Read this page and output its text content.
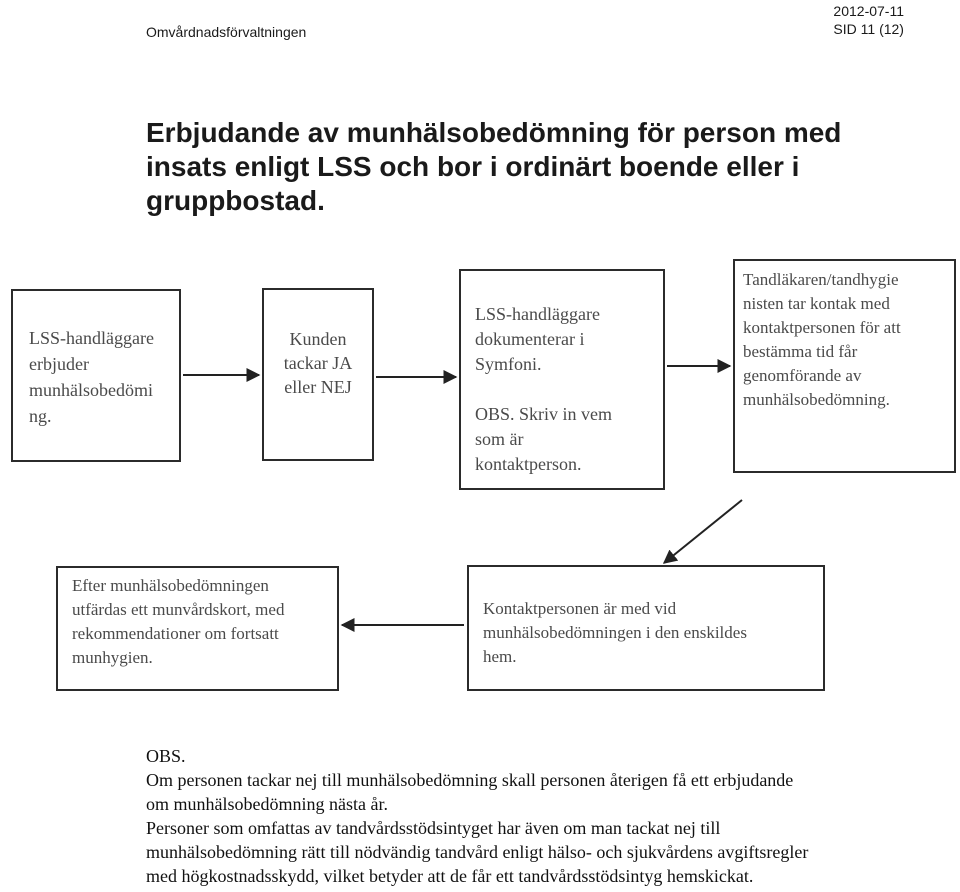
Omvårdnadsförvaltningen
2012-07-11
SID 11 (12)
Erbjudande av munhälsobedömning för person med insats enligt LSS och bor i ordinärt boende eller i gruppbostad.
LSS-handläggare
erbjuder
munhälsobedömi
ng.
Kunden
tackar JA
eller NEJ
LSS-handläggare
dokumenterar i
Symfoni.

OBS. Skriv in vem
som är
kontaktperson.
Tandläkaren/tandhygie
nisten tar kontak med
kontaktpersonen för att
bestämma tid får
genomförande av
munhälsobedömning.
Kontaktpersonen är med vid
munhälsobedömningen i den enskildes
hem.
Efter munhälsobedömningen
utfärdas ett munvårdskort, med
rekommendationer om fortsatt
munhygien.
OBS.
Om personen tackar nej till munhälsobedömning skall personen återigen få ett erbjudande
om munhälsobedömning nästa år.
Personer som omfattas av tandvårdsstödsintyget har även om man tackat nej till
munhälsobedömning rätt till nödvändig tandvård enligt hälso- och sjukvårdens avgiftsregler
med högkostnadsskydd, vilket betyder att de får ett tandvårdsstödsintyg hemskickat.
